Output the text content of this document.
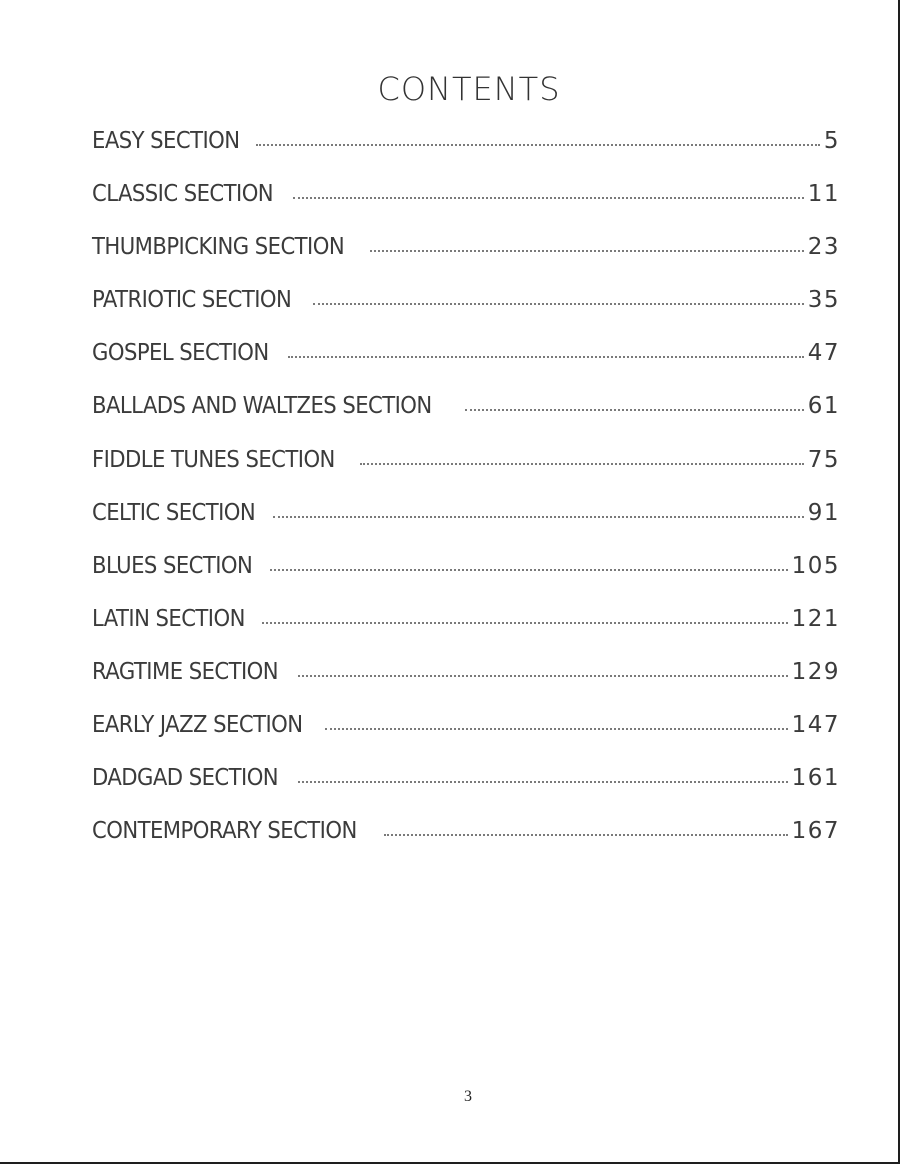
CONTENTS
EASY SECTION	5
CLASSIC SECTION	11
THUMBPICKING SECTION	23
PATRIOTIC SECTION	35
GOSPEL SECTION	47
BALLADS AND WALTZES SECTION	61
FIDDLE TUNES SECTION	75
CELTIC SECTION	91
BLUES SECTION	105
LATIN SECTION	121
RAGTIME SECTION	129
EARLY JAZZ SECTION	147
DADGAD SECTION	161
CONTEMPORARY SECTION	167
3
